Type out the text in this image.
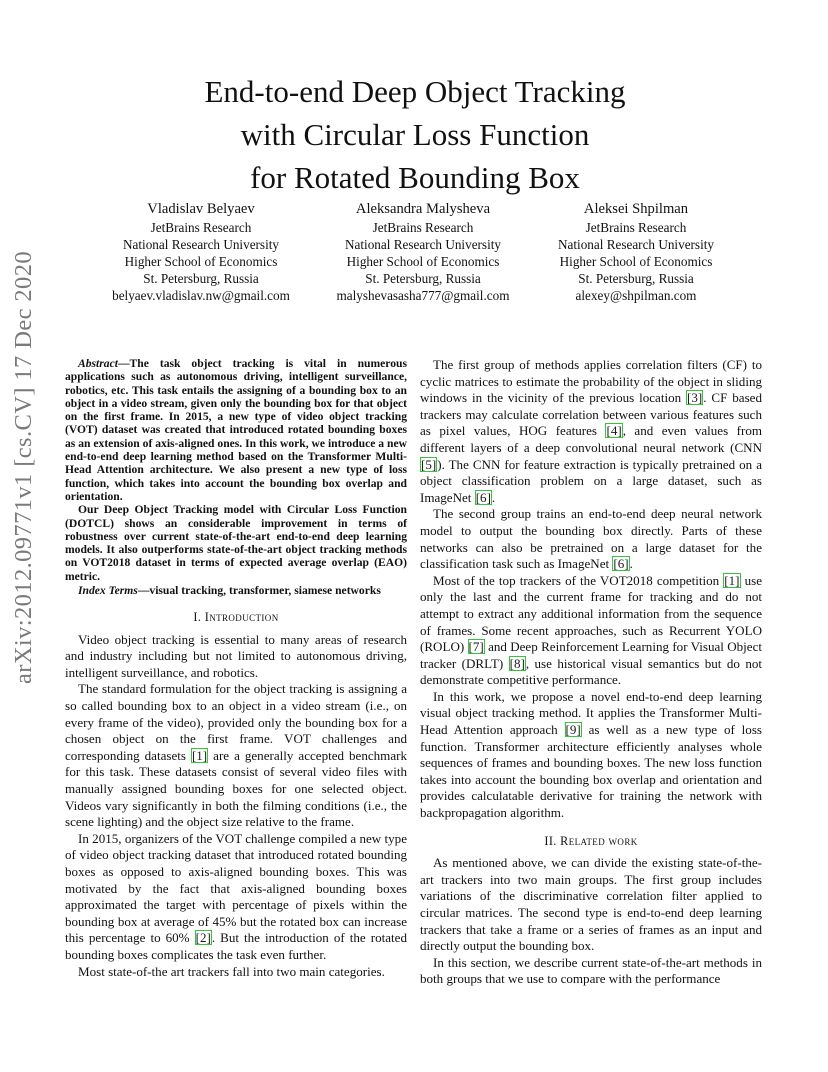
arXiv:2012.09771v1 [cs.CV] 17 Dec 2020
End-to-end Deep Object Tracking
with Circular Loss Function
for Rotated Bounding Box
Vladislav Belyaev
JetBrains Research
National Research University
Higher School of Economics
St. Petersburg, Russia
belyaev.vladislav.nw@gmail.com
Aleksandra Malysheva
JetBrains Research
National Research University
Higher School of Economics
St. Petersburg, Russia
malyshevasasha777@gmail.com
Aleksei Shpilman
JetBrains Research
National Research University
Higher School of Economics
St. Petersburg, Russia
alexey@shpilman.com

Abstract—The task object tracking is vital in numerous applications such as autonomous driving, intelligent surveillance, robotics, etc. This task entails the assigning of a bounding box to an object in a video stream, given only the bounding box for that object on the first frame. In 2015, a new type of video object tracking (VOT) dataset was created that introduced rotated bounding boxes as an extension of axis-aligned ones. In this work, we introduce a new end-to-end deep learning method based on the Transformer Multi-Head Attention architecture. We also present a new type of loss function, which takes into account the bounding box overlap and orientation.

Our Deep Object Tracking model with Circular Loss Function (DOTCL) shows an considerable improvement in terms of robustness over current state-of-the-art end-to-end deep learning models. It also outperforms state-of-the-art object tracking methods on VOT2018 dataset in terms of expected average overlap (EAO) metric.

Index Terms—visual tracking, transformer, siamese networks
I. Introduction

Video object tracking is essential to many areas of research and industry including but not limited to autonomous driving, intelligent surveillance, and robotics.

The standard formulation for the object tracking is assigning a so called bounding box to an object in a video stream (i.e., on every frame of the video), provided only the bounding box for a chosen object on the first frame. VOT challenges and corresponding datasets [1] are a generally accepted benchmark for this task. These datasets consist of several video files with manually assigned bounding boxes for one selected object. Videos vary significantly in both the filming conditions (i.e., the scene lighting) and the object size relative to the frame.

In 2015, organizers of the VOT challenge compiled a new type of video object tracking dataset that introduced rotated bounding boxes as opposed to axis-aligned bounding boxes. This was motivated by the fact that axis-aligned bounding boxes approximated the target with percentage of pixels within the bounding box at average of 45% but the rotated box can increase this percentage to 60% [2]. But the introduction of the rotated bounding boxes complicates the task even further.

Most state-of-the art trackers fall into two main categories.

The first group of methods applies correlation filters (CF) to cyclic matrices to estimate the probability of the object in sliding windows in the vicinity of the previous location [3]. CF based trackers may calculate correlation between various features such as pixel values, HOG features [4], and even values from different layers of a deep convolutional neural network (CNN [5]). The CNN for feature extraction is typically pretrained on a object classification problem on a large dataset, such as ImageNet [6].

The second group trains an end-to-end deep neural network model to output the bounding box directly. Parts of these networks can also be pretrained on a large dataset for the classification task such as ImageNet [6].

Most of the top trackers of the VOT2018 competition [1] use only the last and the current frame for tracking and do not attempt to extract any additional information from the sequence of frames. Some recent approaches, such as Recurrent YOLO (ROLO) [7] and Deep Reinforcement Learning for Visual Object tracker (DRLT) [8], use historical visual semantics but do not demonstrate competitive performance.

In this work, we propose a novel end-to-end deep learning visual object tracking method. It applies the Transformer Multi-Head Attention approach [9] as well as a new type of loss function. Transformer architecture efficiently analyses whole sequences of frames and bounding boxes. The new loss function takes into account the bounding box overlap and orientation and provides calculatable derivative for training the network with backpropagation algorithm.

II. Related work

As mentioned above, we can divide the existing state-of-the-art trackers into two main groups. The first group includes variations of the discriminative correlation filter applied to circular matrices. The second type is end-to-end deep learning trackers that take a frame or a series of frames as an input and directly output the bounding box.

In this section, we describe current state-of-the-art methods in both groups that we use to compare with the performance
